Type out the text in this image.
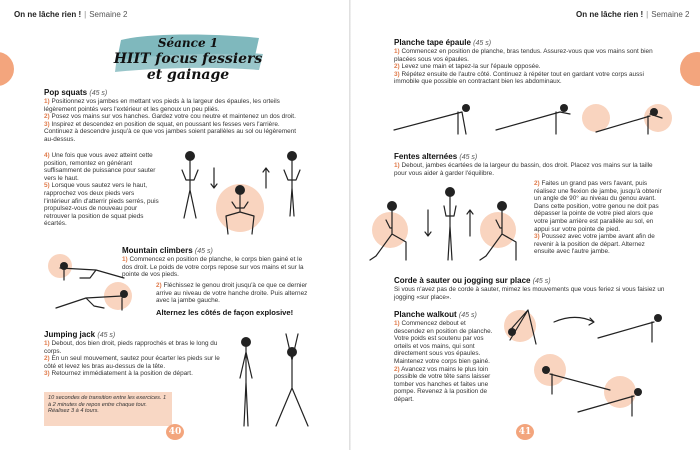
On ne lâche rien ! | Semaine 2
Séance 1
HIIT focus fessiers et gainage
Pop squats (45 s)
1) Positionnez vos jambes en mettant vos pieds à la largeur des épaules, les orteils légèrement pointés vers l'extérieur et les genoux un peu pliés.
2) Posez vos mains sur vos hanches. Gardez votre cou neutre et maintenez un dos droit.
3) Inspirez et descendez en position de squat, en poussant les fesses vers l'arrière. Continuez à descendre jusqu'à ce que vos jambes soient parallèles au sol ou légèrement au-dessus.
4) Une fois que vous avez atteint cette position, remontez en générant suffisamment de puissance pour sauter vers le haut.
5) Lorsque vous sautez vers le haut, rapprochez vos deux pieds vers l'intérieur afin d'atterrir pieds serrés, puis propulsez-vous de nouveau pour retrouver la position de squat pieds écartés.
Mountain climbers (45 s)
1) Commencez en position de planche, le corps bien gainé et le dos droit. Le poids de votre corps repose sur vos mains et sur la pointe de vos pieds.
2) Fléchissez le genou droit jusqu'à ce que ce dernier arrive au niveau de votre hanche droite. Puis alternez avec la jambe gauche.
Alternez les côtés de façon explosive!
Jumping jack (45 s)
1) Debout, dos bien droit, pieds rapprochés et bras le long du corps.
2) En un seul mouvement, sautez pour écarter les pieds sur le côté et levez les bras au-dessus de la tête.
3) Retournez immédiatement à la position de départ.
10 secondes de transition entre les exercices. 1 à 2 minutes de repos entre chaque tour. Réalisez 3 à 4 tours.
40
On ne lâche rien ! | Semaine 2
Planche tape épaule (45 s)
1) Commencez en position de planche, bras tendus. Assurez-vous que vos mains sont bien placées sous vos épaules.
2) Levez une main et tapez-la sur l'épaule opposée.
3) Répétez ensuite de l'autre côté. Continuez à répéter tout en gardant votre corps aussi immobile que possible en contractant bien les abdominaux.
Fentes alternées (45 s)
1) Debout, jambes écartées de la largeur du bassin, dos droit. Placez vos mains sur la taille pour vous aider à garder l'équilibre.
2) Faites un grand pas vers l'avant, puis réalisez une flexion de jambe, jusqu'à obtenir un angle de 90° au niveau du genou avant. Dans cette position, votre genou ne doit pas dépasser la pointe de votre pied alors que votre jambe arrière est parallèle au sol, en appui sur votre pointe de pied.
3) Poussez avec votre jambe avant afin de revenir à la position de départ. Alternez ensuite avec l'autre jambe.
Corde à sauter ou jogging sur place (45 s)
Si vous n'avez pas de corde à sauter, mimez les mouvements que vous feriez si vous faisiez un jogging «sur place».
Planche walkout (45 s)
1) Commencez debout et descendez en position de planche. Votre poids est soutenu par vos orteils et vos mains, qui sont directement sous vos épaules. Maintenez votre corps bien gainé.
2) Avancez vos mains le plus loin possible de votre tête sans laisser tomber vos hanches et faites une pompe. Revenez à la position de départ.
41
